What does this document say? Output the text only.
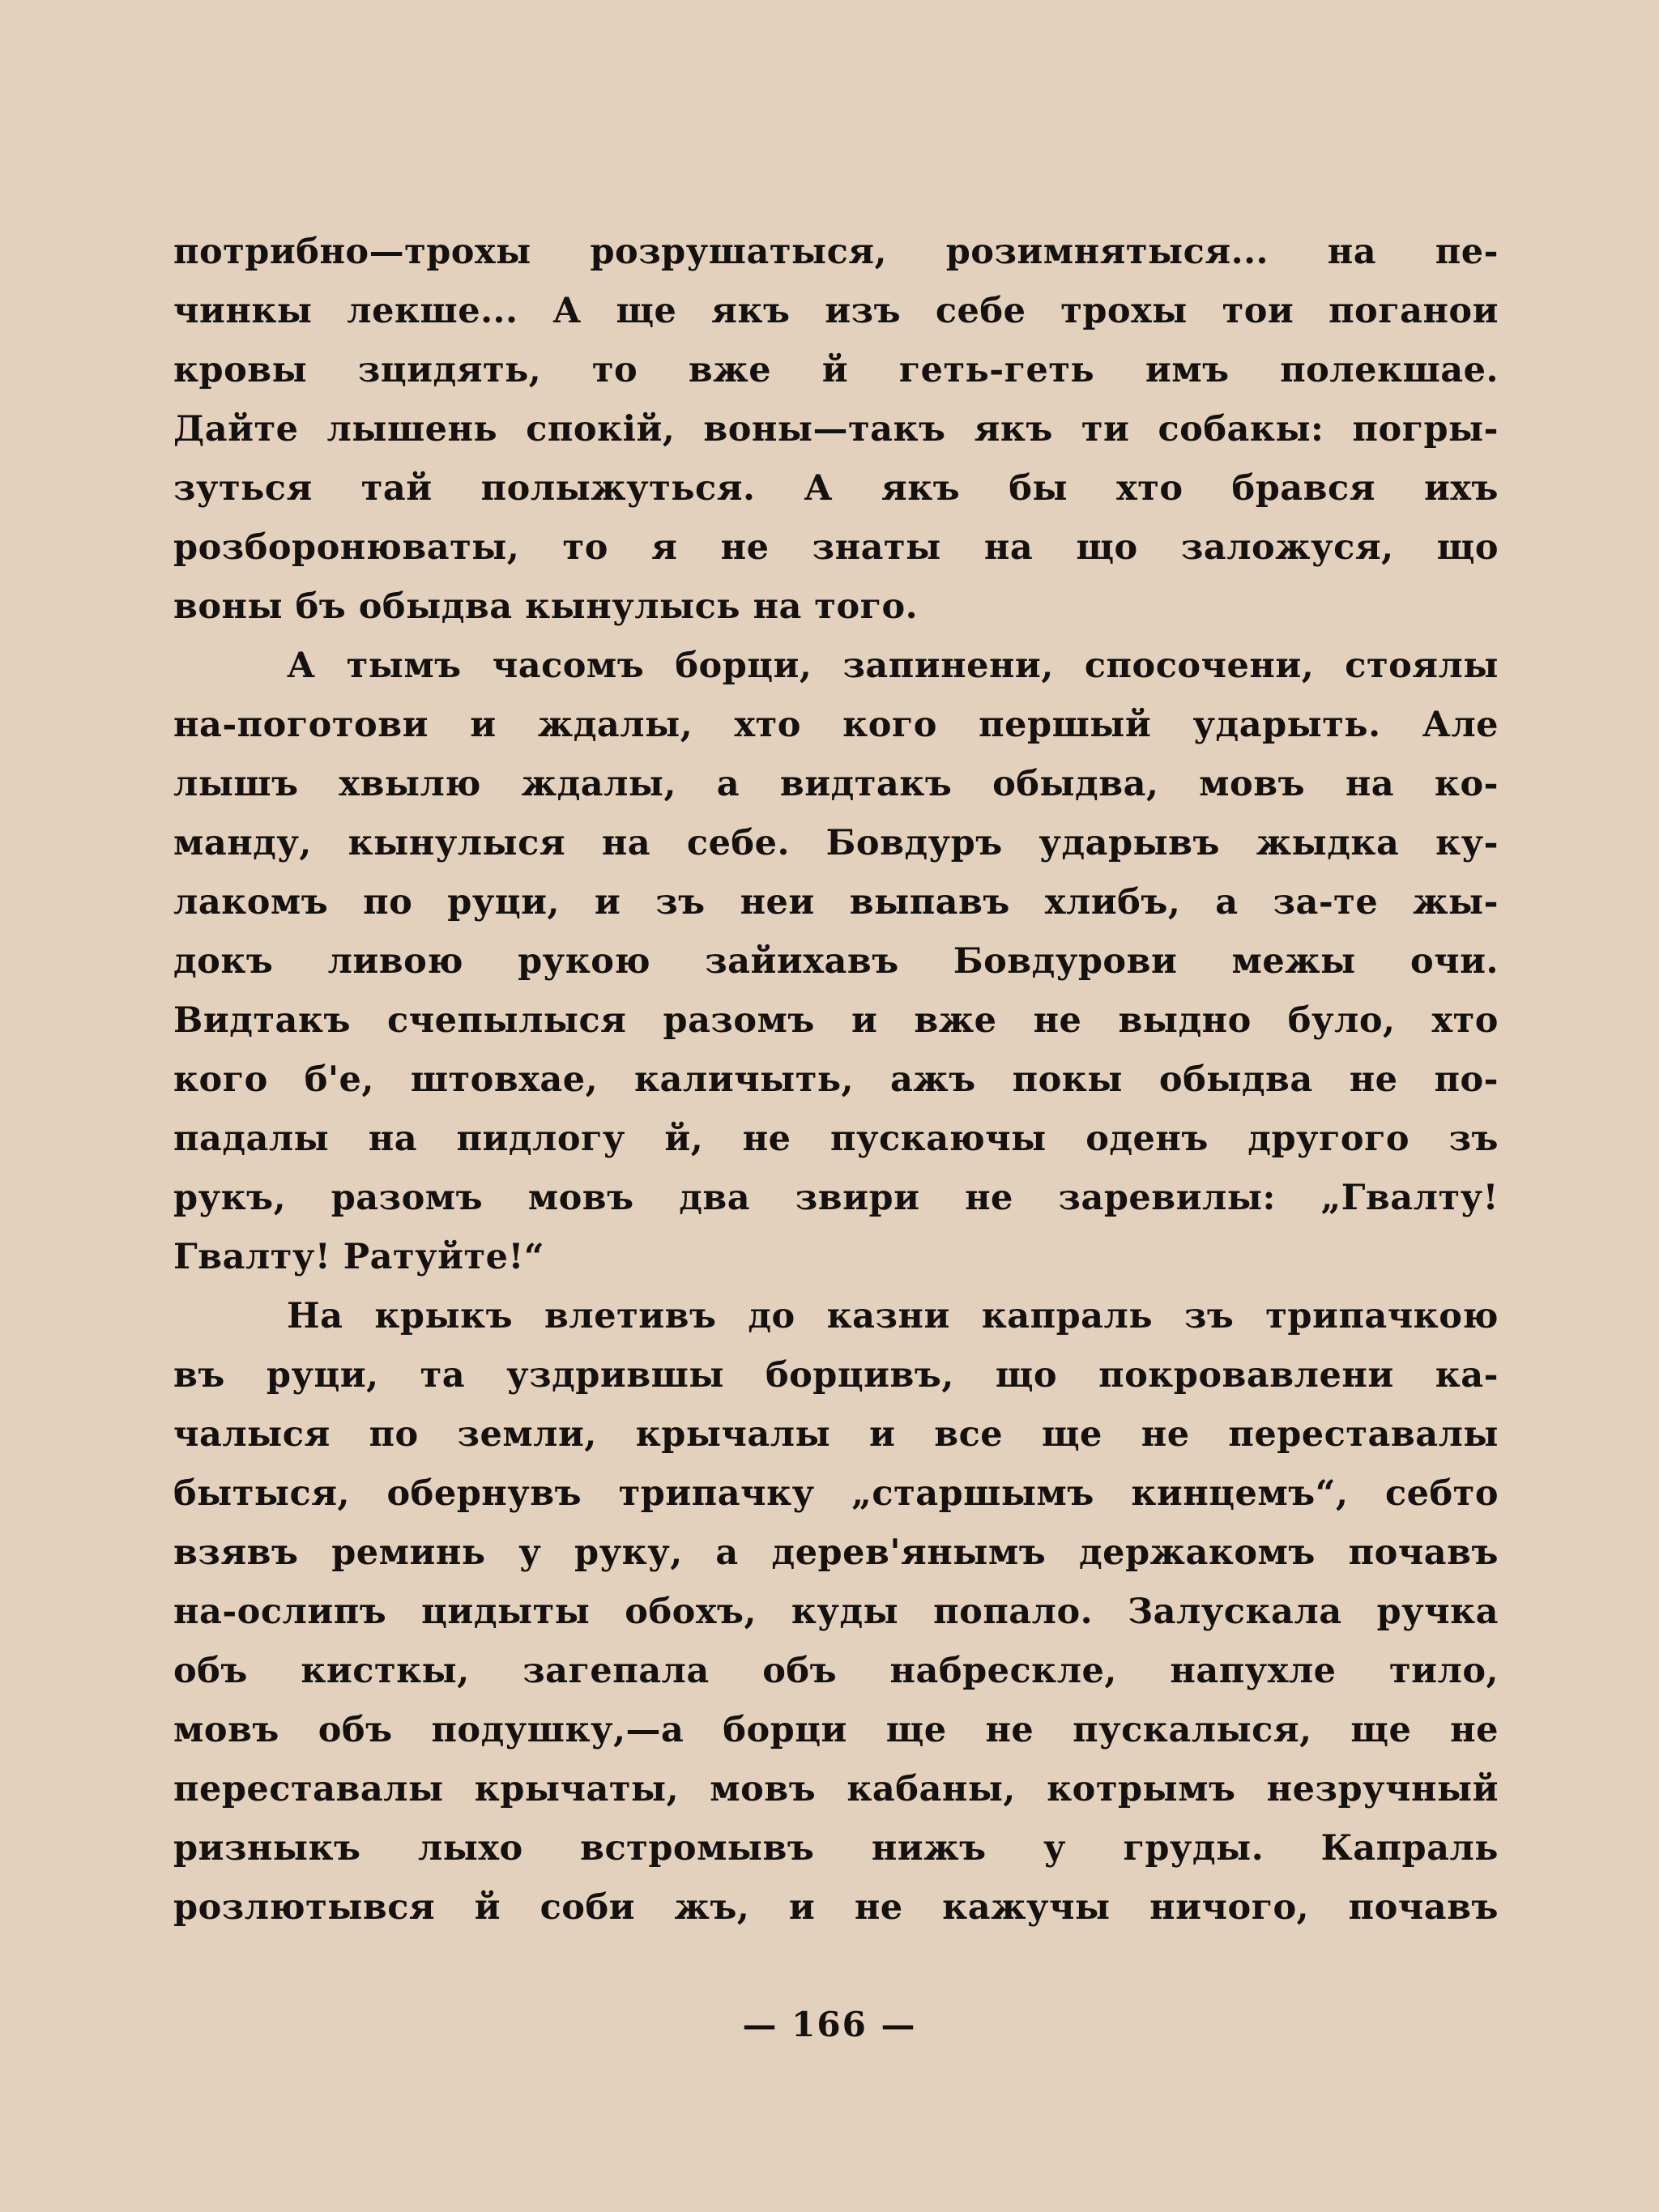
потрибно—трохы розрушатыся, розимнятыся... на пе-
чинкы лекше... А ще якъ изъ себе трохы тои поганои
кровы зцидять, то вже й геть-геть имъ полекшае.
Дайте лышень спокій, воны—такъ якъ ти собакы: погры-
зуться тай полыжуться. А якъ бы хто брався ихъ
розборонюваты, то я не знаты на що заложуся, що
воны бъ обыдва кынулысь на того.
А тымъ часомъ борци, запинени, спосочени, стоялы
на-поготови и ждалы, хто кого першый ударыть. Але
лышъ хвылю ждалы, а видтакъ обыдва, мовъ на ко-
манду, кынулыся на себе. Бовдуръ ударывъ жыдка ку-
лакомъ по руци, и зъ неи выпавъ хлибъ, а за-те жы-
докъ ливою рукою зайихавъ Бовдурови межы очи.
Видтакъ счепылыся разомъ и вже не выдно було, хто
кого б'е, штовхае, каличыть, ажъ покы обыдва не по-
падалы на пидлогу й, не пускаючы оденъ другого зъ
рукъ, разомъ мовъ два звири не заревилы: „Гвалту!
Гвалту! Ратуйте!“
На крыкъ влетивъ до казни капраль зъ трипачкою
въ руци, та уздрившы борцивъ, що покровавлени ка-
чалыся по земли, крычалы и все ще не переставалы
бытыся, обернувъ трипачку „старшымъ кинцемъ“, себто
взявъ реминь у руку, а дерев'янымъ держакомъ почавъ
на-ослипъ цидыты обохъ, куды попало. Залускала ручка
объ кисткы, загепала объ набрескле, напухле тило,
мовъ объ подушку,—а борци ще не пускалыся, ще не
переставалы крычаты, мовъ кабаны, котрымъ незручный
ризныкъ лыхо встромывъ нижъ у груды. Капраль
розлютывся й соби жъ, и не кажучы ничого, почавъ
— 166 —
